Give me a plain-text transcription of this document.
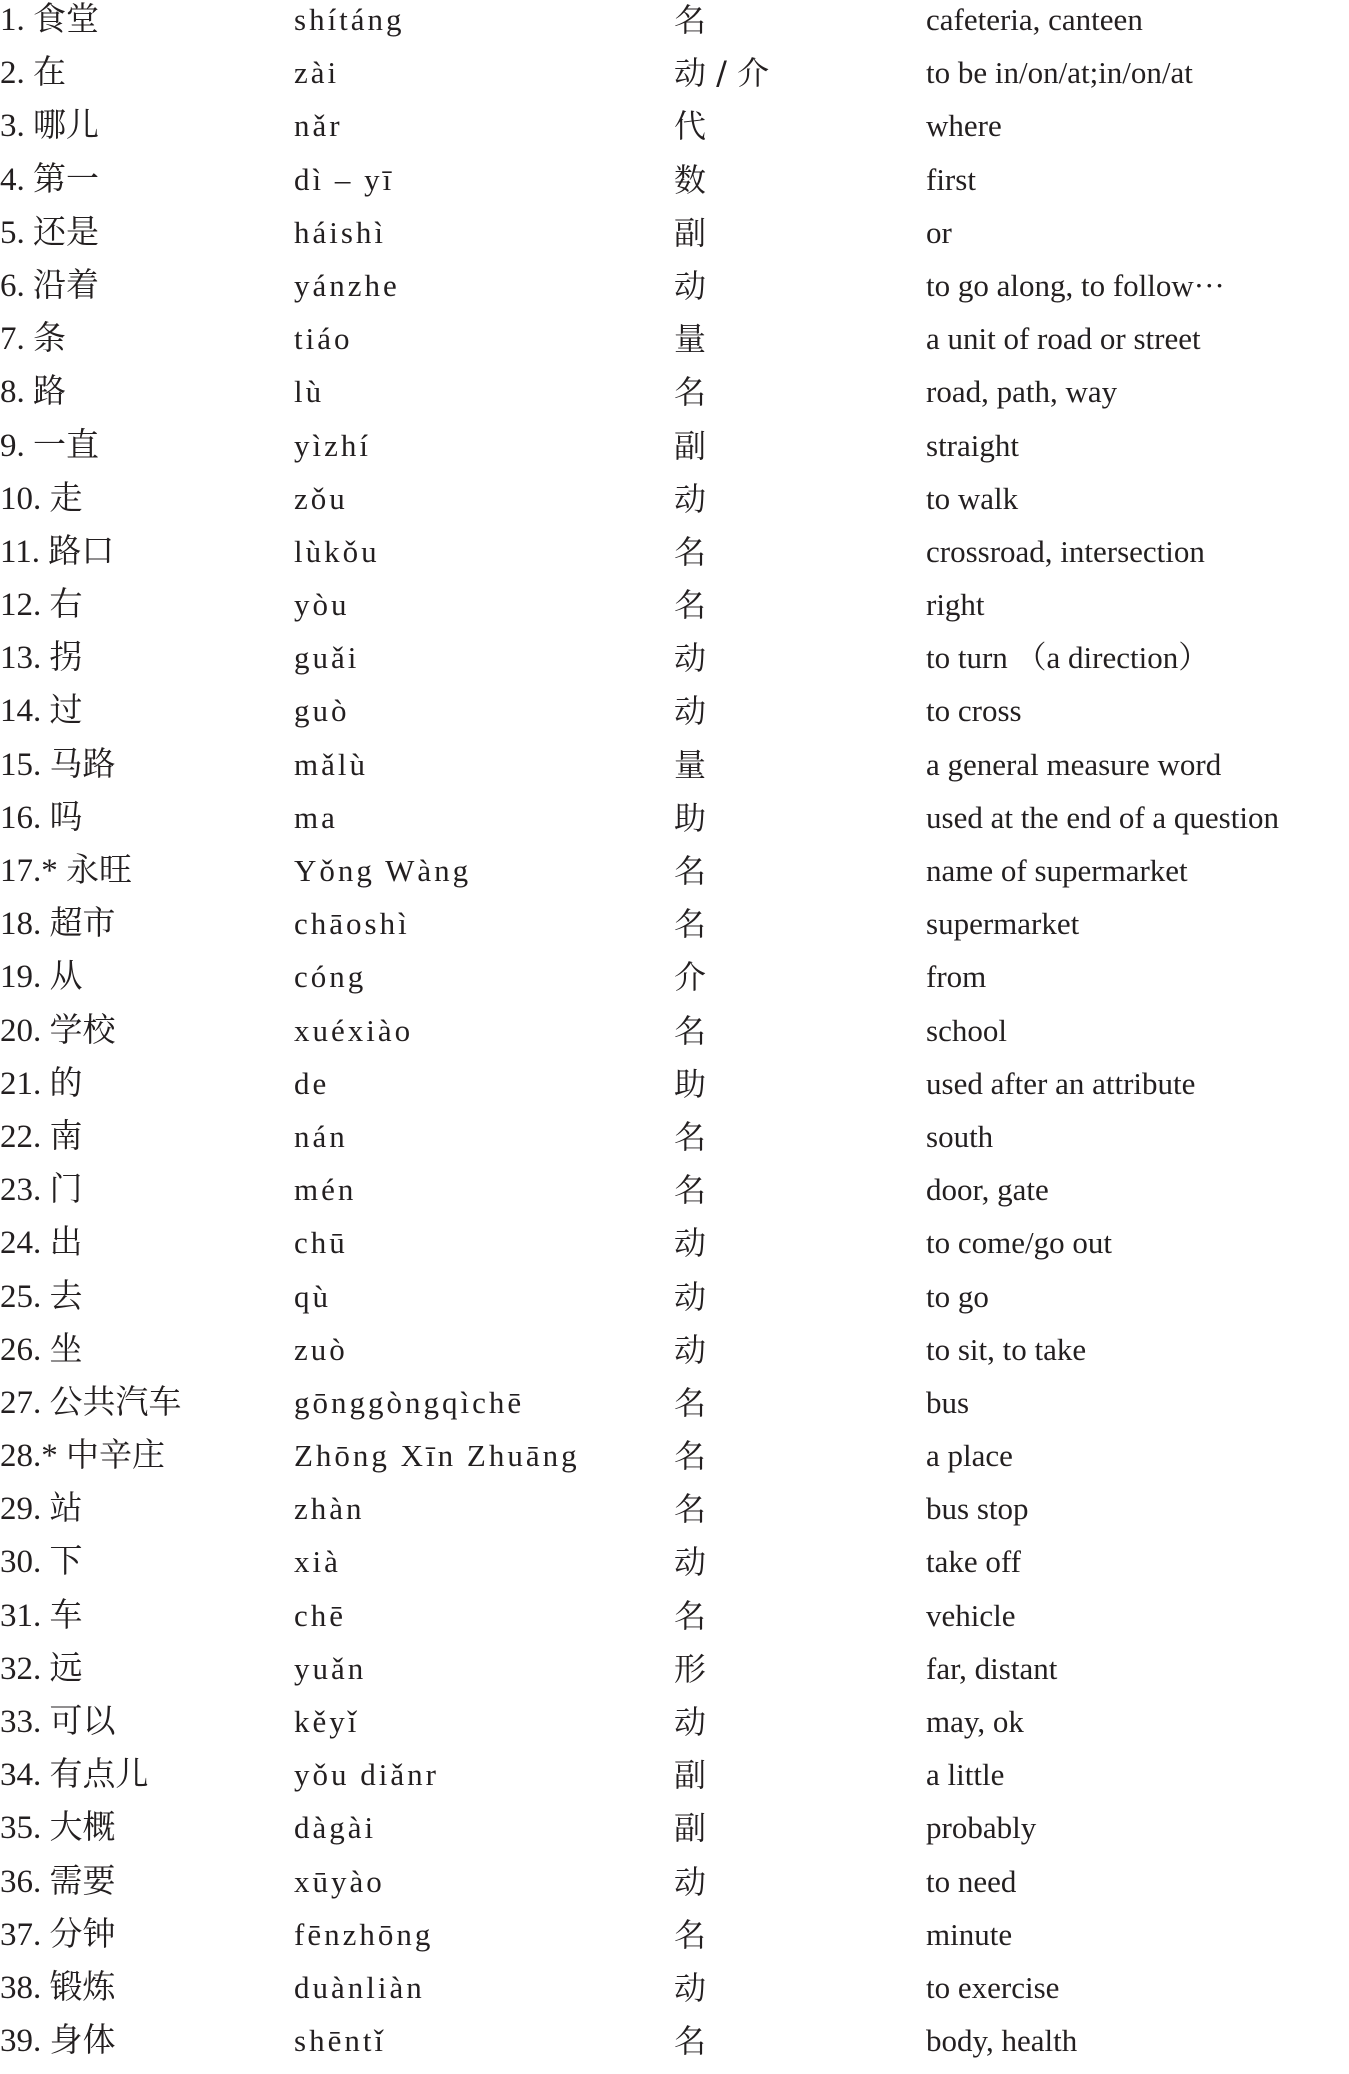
1. 食堂	shítáng	名	cafeteria, canteen
2. 在	zài	动 / 介	to be in/on/at;in/on/at
3. 哪儿	nǎr	代	where
4. 第一	dì – yī	数	first
5. 还是	háishì	副	or
6. 沿着	yánzhe	动	to go along, to follow···
7. 条	tiáo	量	a unit of road or street
8. 路	lù	名	road, path, way
9. 一直	yìzhí	副	straight
10. 走	zǒu	动	to walk
11. 路口	lùkǒu	名	crossroad, intersection
12. 右	yòu	名	right
13. 拐	guǎi	动	to turn （a direction）
14. 过	guò	动	to cross
15. 马路	mǎlù	量	a general measure word
16. 吗	ma	助	used at the end of a question
17.* 永旺	Yǒng Wàng	名	name of supermarket
18. 超市	chāoshì	名	supermarket
19. 从	cóng	介	from
20. 学校	xuéxiào	名	school
21. 的	de	助	used after an attribute
22. 南	nán	名	south
23. 门	mén	名	door, gate
24. 出	chū	动	to come/go out
25. 去	qù	动	to go
26. 坐	zuò	动	to sit, to take
27. 公共汽车	gōnggòngqìchē	名	bus
28.* 中辛庄	Zhōng Xīn Zhuāng	名	a place
29. 站	zhàn	名	bus stop
30. 下	xià	动	take off
31. 车	chē	名	vehicle
32. 远	yuǎn	形	far, distant
33. 可以	kěyǐ	动	may, ok
34. 有点儿	yǒu diǎnr	副	a little
35. 大概	dàgài	副	probably
36. 需要	xūyào	动	to need
37. 分钟	fēnzhōng	名	minute
38. 锻炼	duànliàn	动	to exercise
39. 身体	shēntǐ	名	body, health
